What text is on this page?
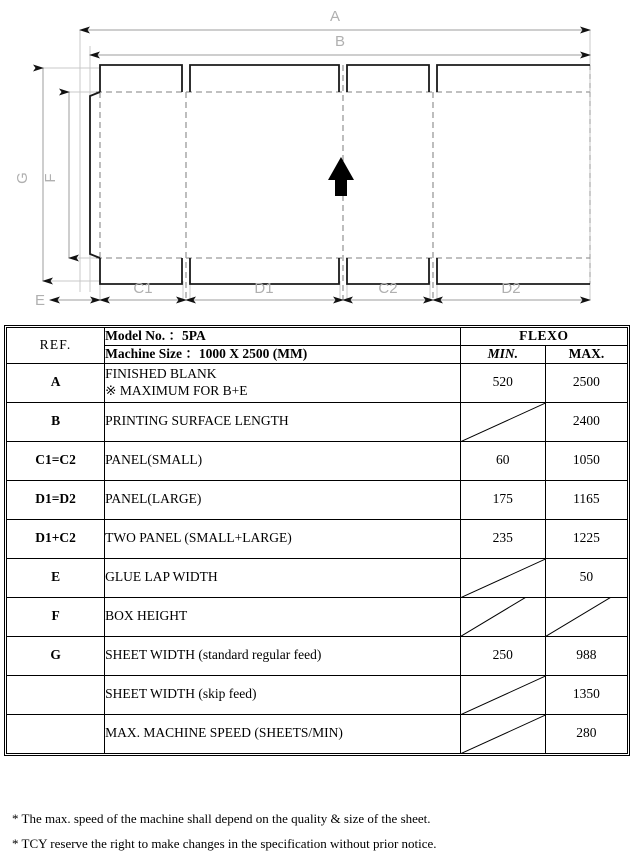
A
B
G F
E
C1	D1	C2	D2
REF.	Model No. ：5PA	FLEXO	
	Machine Size ：1000 X 2500 (MM)	MIN.	MAX.
A	FINISHED BLANK
※ MAXIMUM FOR B+E	520	2500
B	PRINTING SURFACE LENGTH		2400
C1=C2	PANEL(SMALL)	60	1050
D1=D2	PANEL(LARGE)	175	1165
D1+C2	TWO PANEL (SMALL+LARGE)	235	1225
E	GLUE LAP WIDTH		50
F	BOX HEIGHT		

G	SHEET WIDTH (standard regular feed)	250	988

	SHEET WIDTH (skip feed)		1350

	MAX. MACHINE SPEED (SHEETS/MIN)		280
* The max. speed of the machine shall depend on the quality & size of the sheet.
* TCY reserve the right to make changes in the specification without prior notice.
